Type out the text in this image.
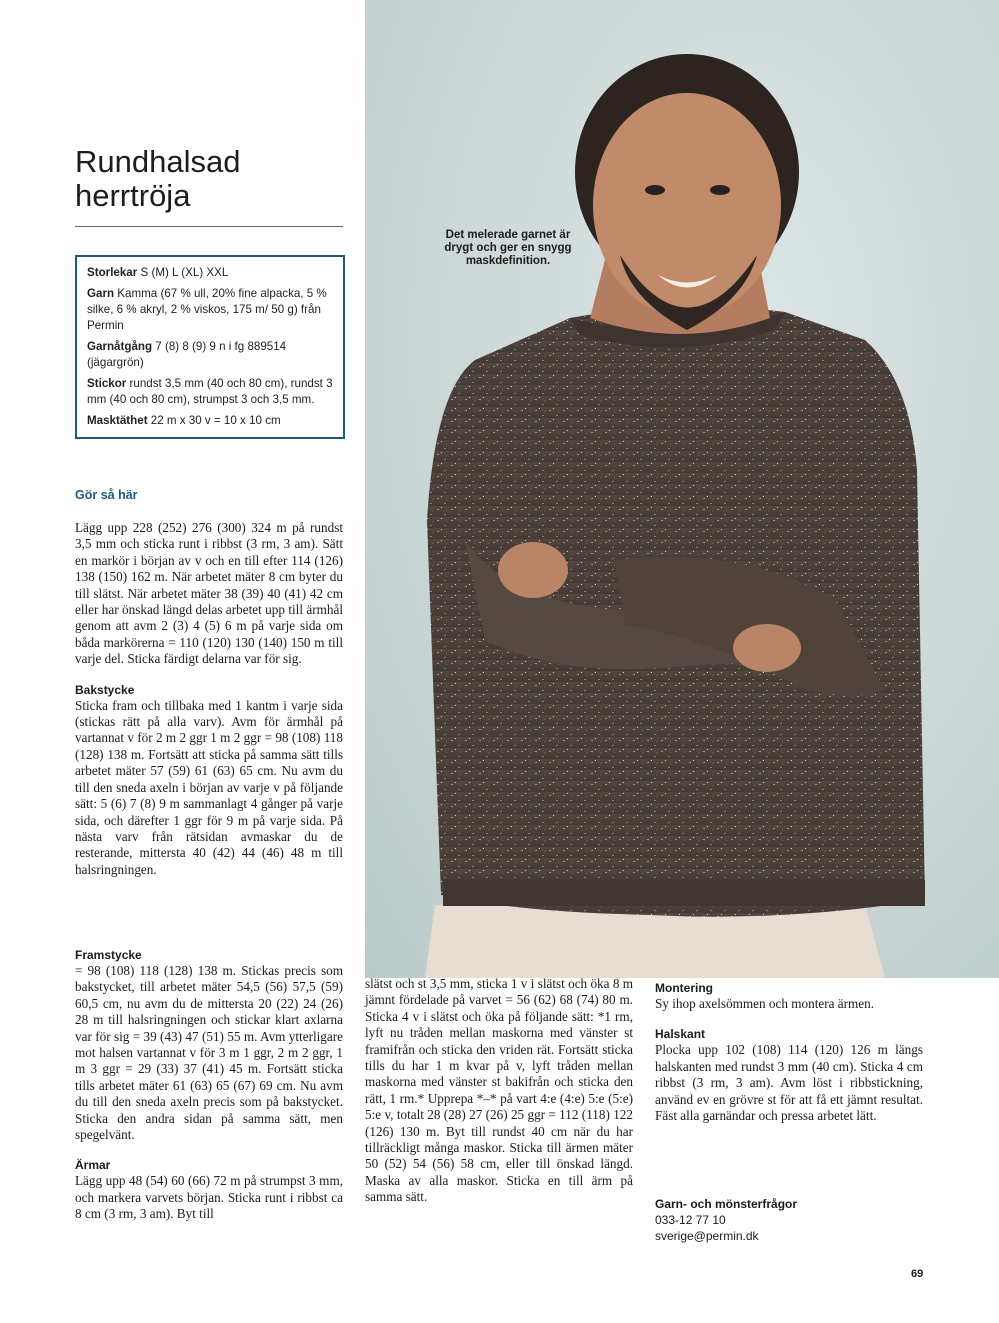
Det melerade garnet är drygt och ger en snygg maskdefinition.
Rundhalsad
herrtröja

Storlekar S (M) L (XL) XXL

Garn Kamma (67 % ull, 20% fine alpacka, 5 % silke, 6 % akryl, 2 % viskos, 175 m/ 50 g) från Permin

Garnåtgång 7 (8) 8 (9) 9 n i fg 889514 (jägargrön)

Stickor rundst 3,5 mm (40 och 80 cm), rundst 3 mm (40 och 80 cm), strumpst 3 och 3,5 mm.

Masktäthet 22 m x 30 v = 10 x 10 cm

Gör så här

Lägg upp 228 (252) 276 (300) 324 m på rundst 3,5 mm och sticka runt i ribbst (3 rm, 3 am). Sätt en markör i början av v och en till efter 114 (126) 138 (150) 162 m. När arbetet mäter 8 cm byter du till slätst. När arbetet mäter 38 (39) 40 (41) 42 cm eller har önskad längd delas arbetet upp till ärmhål genom att avm 2 (3) 4 (5) 6 m på varje sida om båda markörerna = 110 (120) 130 (140) 150 m till varje del. Sticka färdigt delarna var för sig.

Bakstycke

Sticka fram och tillbaka med 1 kantm i varje sida (stickas rätt på alla varv). Avm för ärmhål på vartannat v för 2 m 2 ggr 1 m 2 ggr = 98 (108) 118 (128) 138 m. Fortsätt att sticka på samma sätt tills arbetet mäter 57 (59) 61 (63) 65 cm. Nu avm du till den sneda axeln i början av varje v på följande sätt: 5 (6) 7 (8) 9 m sammanlagt 4 gånger på varje sida, och därefter 1 ggr för 9 m på varje sida. På nästa varv från rätsidan avmaskar du de resterande, mittersta 40 (42) 44 (46) 48 m till halsringningen.

Framstycke

= 98 (108) 118 (128) 138 m. Stickas precis som bakstycket, till arbetet mäter 54,5 (56) 57,5 (59) 60,5 cm, nu avm du de mittersta 20 (22) 24 (26) 28 m till halsringningen och stickar klart axlarna var för sig = 39 (43) 47 (51) 55 m. Avm ytterligare mot halsen vartannat v för 3 m 1 ggr, 2 m 2 ggr, 1 m 3 ggr = 29 (33) 37 (41) 45 m. Fortsätt sticka tills arbetet mäter 61 (63) 65 (67) 69 cm. Nu avm du till den sneda axeln precis som på bakstycket. Sticka den andra sidan på samma sätt, men spegelvänt.

Ärmar

Lägg upp 48 (54) 60 (66) 72 m på strumpst 3 mm, och markera varvets början. Sticka runt i ribbst ca 8 cm (3 rm, 3 am). Byt till

slätst och st 3,5 mm, sticka 1 v i slätst och öka 8 m jämnt fördelade på varvet = 56 (62) 68 (74) 80 m. Sticka 4 v i slätst och öka på följande sätt: *1 rm, lyft nu tråden mellan maskorna med vänster st framifrån och sticka den vriden rät. Fortsätt sticka tills du har 1 m kvar på v, lyft tråden mellan maskorna med vänster st bakifrån och sticka den rätt, 1 rm.* Upprepa *–* på vart 4:e (4:e) 5:e (5:e) 5:e v, totalt 28 (28) 27 (26) 25 ggr = 112 (118) 122 (126) 130 m. Byt till rundst 40 cm när du har tillräckligt många maskor. Sticka till ärmen mäter 50 (52) 54 (56) 58 cm, eller till önskad längd. Maska av alla maskor. Sticka en till ärm på samma sätt.

Montering

Sy ihop axelsömmen och montera ärmen.

Halskant

Plocka upp 102 (108) 114 (120) 126 m längs halskanten med rundst 3 mm (40 cm). Sticka 4 cm ribbst (3 rm, 3 am). Avm löst i ribbstickning, använd ev en grövre st för att få ett jämnt resultat. Fäst alla garnändar och pressa arbetet lätt.

Garn- och mönsterfrågor

033-12 77 10

sverige@permin.dk

69
